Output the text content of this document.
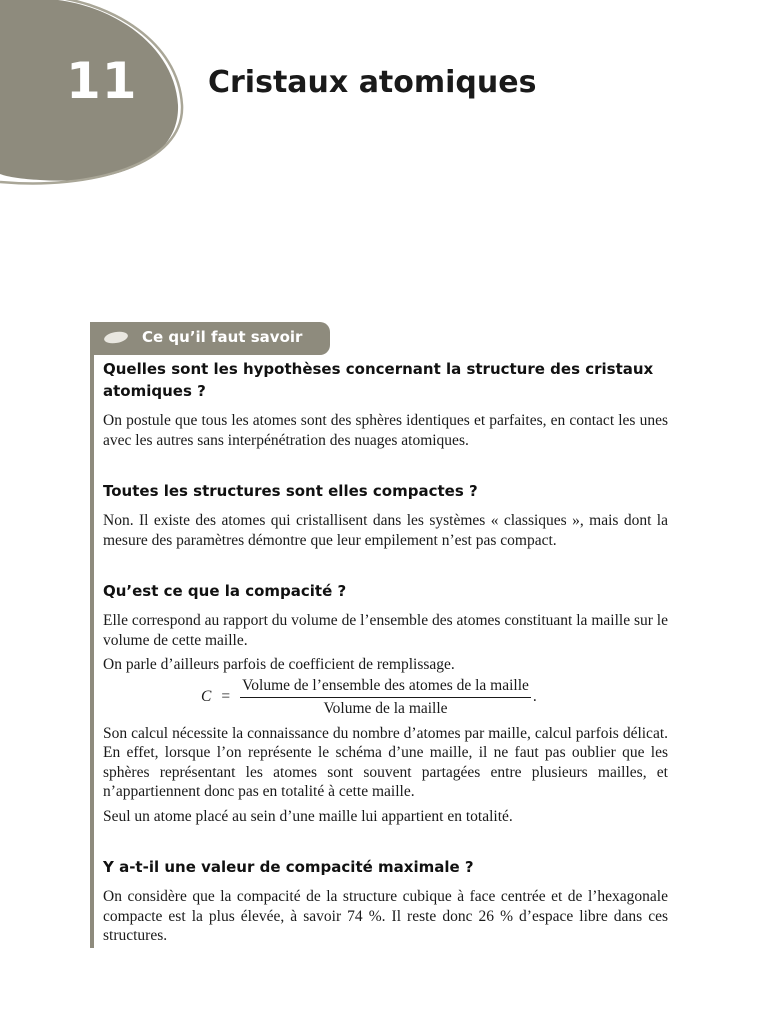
11 Cristaux atomiques
Ce qu’il faut savoir
Quelles sont les hypothèses concernant la structure des cristaux atomiques ?

On postule que tous les atomes sont des sphères identiques et parfaites, en contact les unes avec les autres sans interpénétration des nuages atomiques.

Toutes les structures sont elles compactes ?

Non. Il existe des atomes qui cristallisent dans les systèmes « classiques », mais dont la mesure des paramètres démontre que leur empilement n’est pas compact.

Qu’est ce que la compacité ?

Elle correspond au rapport du volume de l’ensemble des atomes constituant la maille sur le volume de cette maille.

On parle d’ailleurs parfois de coefficient de remplissage.

$C = \frac{\text{Volume de l’ensemble des atomes de la maille}}{\text{Volume de la maille}}$ .

Son calcul nécessite la connaissance du nombre d’atomes par maille, calcul parfois délicat. En effet, lorsque l’on représente le schéma d’une maille, il ne faut pas oublier que les sphères représentant les atomes sont souvent partagées entre plusieurs mailles, et n’appartiennent donc pas en totalité à cette maille.

Seul un atome placé au sein d’une maille lui appartient en totalité.

Y a-t-il une valeur de compacité maximale ?

On considère que la compacité de la structure cubique à face centrée et de l’hexagonale compacte est la plus élevée, à savoir 74 %. Il reste donc 26 % d’espace libre dans ces structures.
